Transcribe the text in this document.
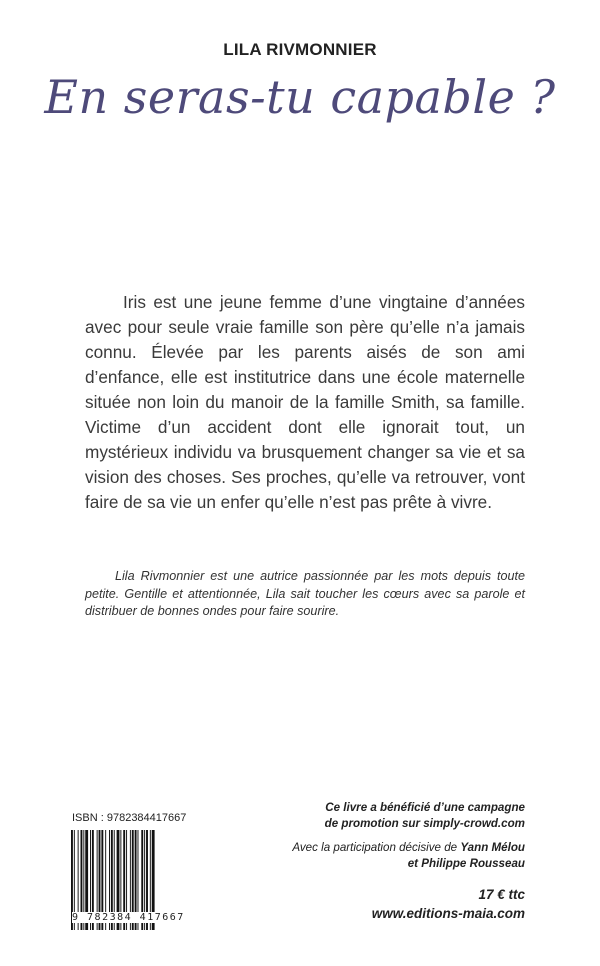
LILA RIVMONNIER
En seras-tu capable ?

Iris est une jeune femme d’une vingtaine d’années avec pour seule vraie famille son père qu’elle n’a jamais connu. Élevée par les parents aisés de son ami d’enfance, elle est institutrice dans une école maternelle située non loin du manoir de la famille Smith, sa famille. Victime d’un accident dont elle ignorait tout, un mystérieux individu va brusquement changer sa vie et sa vision des choses. Ses proches, qu’elle va retrouver, vont faire de sa vie un enfer qu’elle n’est pas prête à vivre.

Lila Rivmonnier est une autrice passionnée par les mots depuis toute petite. Gentille et attentionnée, Lila sait toucher les cœurs avec sa parole et distribuer de bonnes ondes pour faire sourire.

ISBN : 9782384417667
9 782384 417667
Ce livre a bénéficié d’une campagne
de promotion sur simply-crowd.com
Avec la participation décisive de Yann Mélou
et Philippe Rousseau
17 € ttc
www.editions-maia.com
